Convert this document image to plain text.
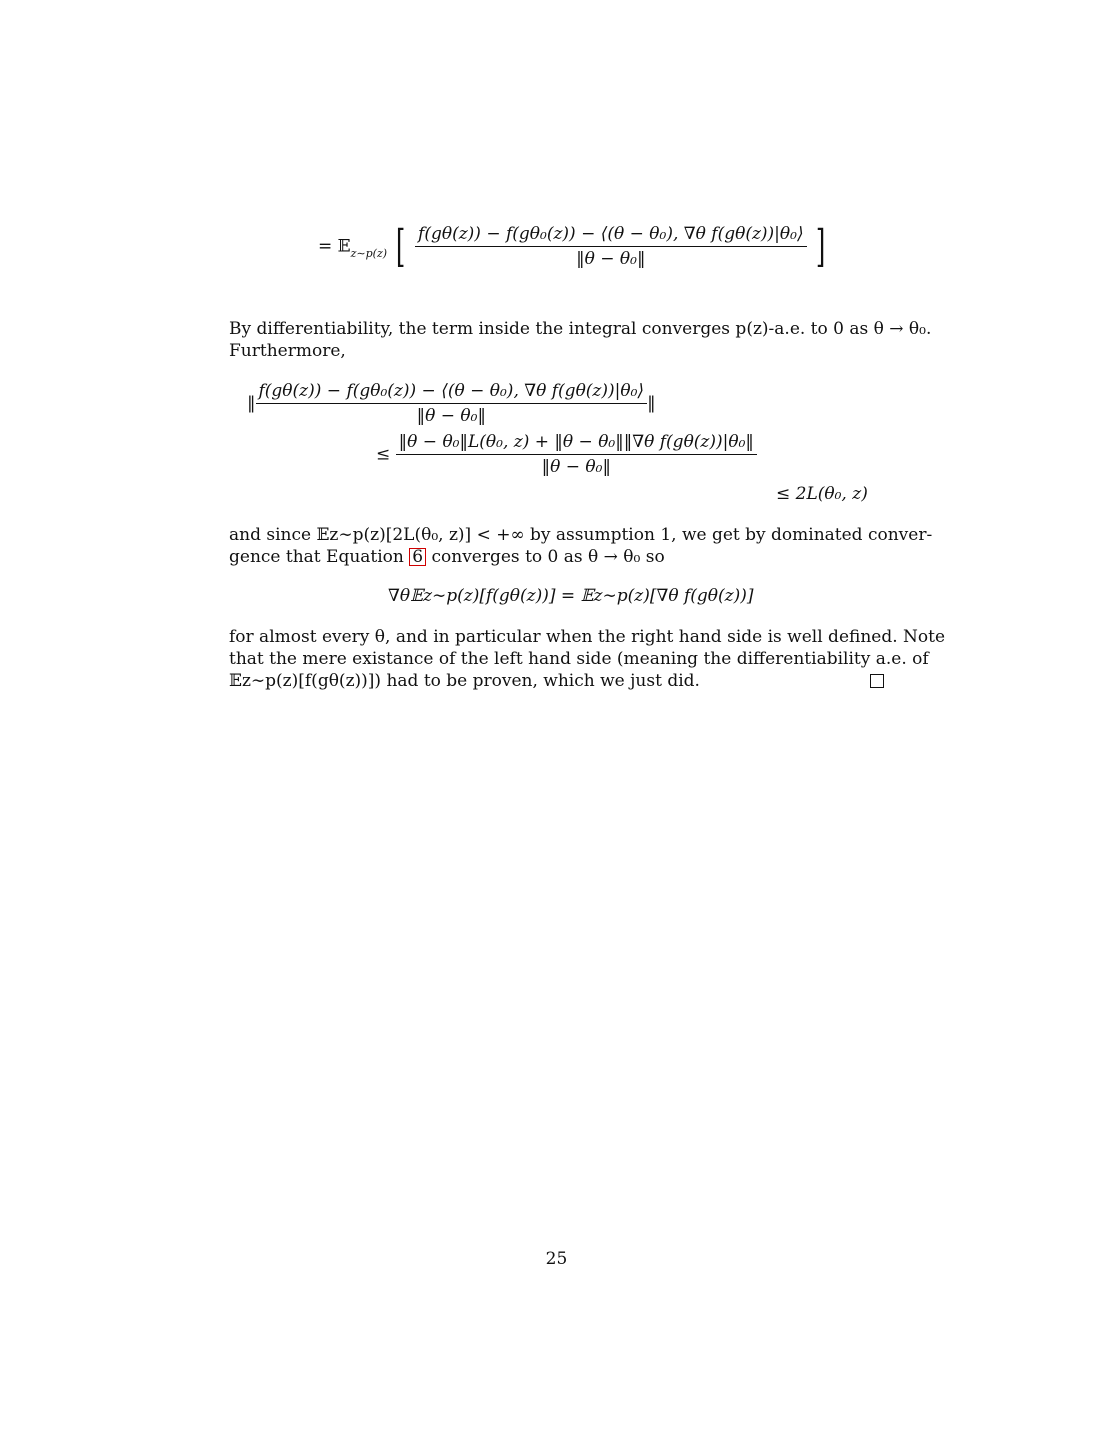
= 𝔼$_{z\sim p(z)}$ [ $\frac{\text{f(gθ(z)) − f(gθ₀(z)) − ⟨(θ − θ₀), ∇θ f(gθ(z))|θ₀⟩}}{\text{‖θ − θ₀‖}}$ ]
By differentiability, the term inside the integral converges p(z)-a.e. to 0 as θ → θ₀.
Furthermore,
‖ $\frac{\text{f(gθ(z)) − f(gθ₀(z)) − ⟨(θ − θ₀), ∇θ f(gθ(z))|θ₀⟩}}{\text{‖θ − θ₀‖}}$ ‖
≤ $\frac{\text{‖θ − θ₀‖L(θ₀, z) + ‖θ − θ₀‖‖∇θ f(gθ(z))|θ₀‖}}{\text{‖θ − θ₀‖}}$
≤ 2L(θ₀, z)
and since 𝔼z∼p(z)[2L(θ₀, z)] < +∞ by assumption 1, we get by dominated conver-
gence that Equation 6 converges to 0 as θ → θ₀ so
∇θ𝔼z∼p(z)[f(gθ(z))] = 𝔼z∼p(z)[∇θ f(gθ(z))]
for almost every θ, and in particular when the right hand side is well defined. Note
that the mere existance of the left hand side (meaning the differentiability a.e. of
𝔼z∼p(z)[f(gθ(z))]) had to be proven, which we just did.
25
